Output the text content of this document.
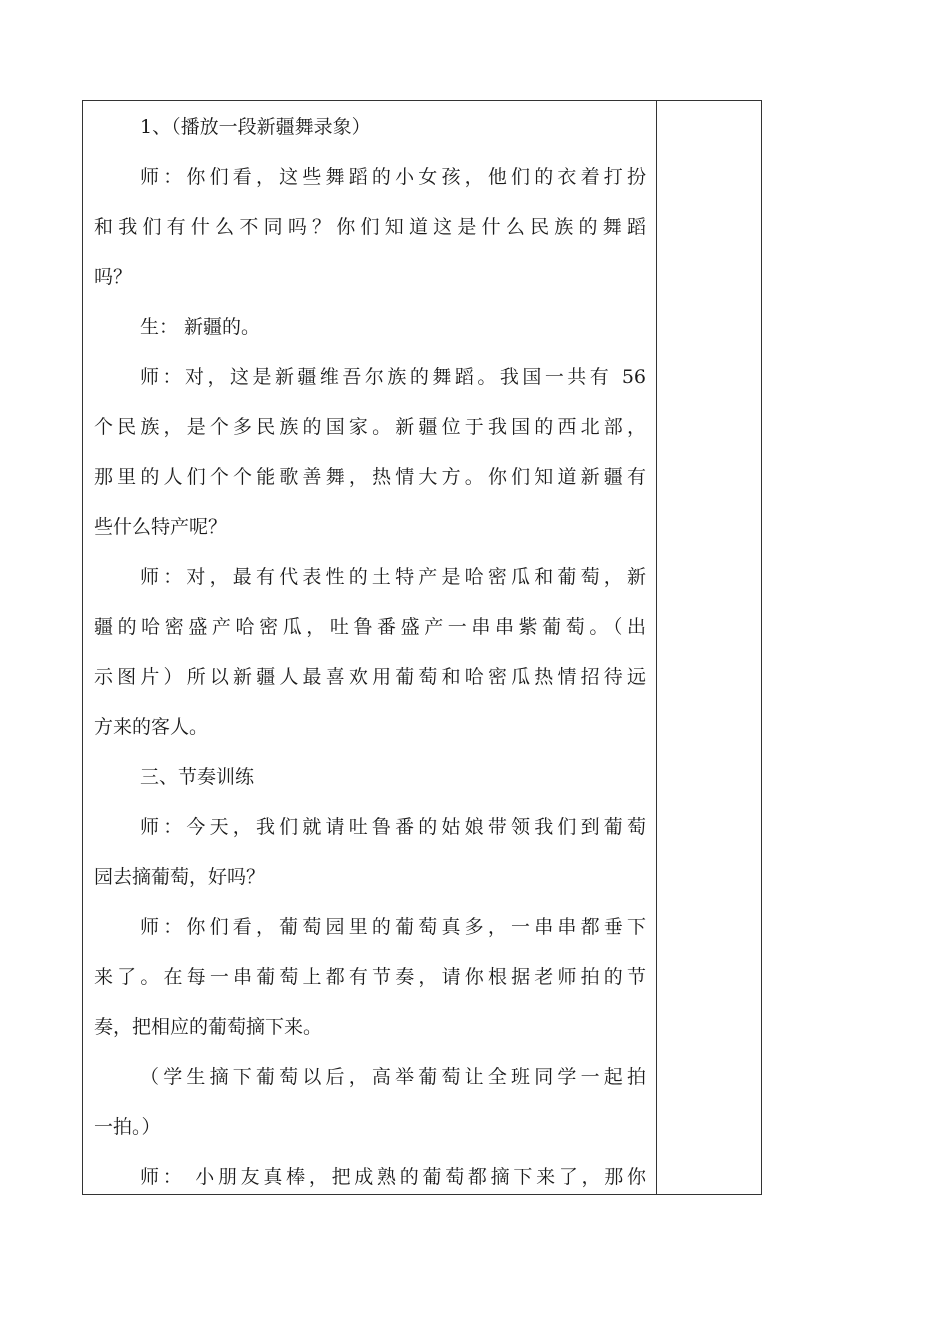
1、（播放一段新疆舞录象）
师：你们看，这些舞蹈的小女孩，他们的衣着打扮
和我们有什么不同吗？你们知道这是什么民族的舞蹈
吗？
生： 新疆的。
师：对，这是新疆维吾尔族的舞蹈。我国一共有 56
个民族，是个多民族的国家。新疆位于我国的西北部，
那里的人们个个能歌善舞，热情大方。你们知道新疆有
些什么特产呢？
师：对，最有代表性的土特产是哈密瓜和葡萄，新
疆的哈密盛产哈密瓜，吐鲁番盛产一串串紫葡萄。（出
示图片）所以新疆人最喜欢用葡萄和哈密瓜热情招待远
方来的客人。
三、节奏训练
师：今天，我们就请吐鲁番的姑娘带领我们到葡萄
园去摘葡萄，好吗？
师：你们看，葡萄园里的葡萄真多，一串串都垂下
来了。在每一串葡萄上都有节奏，请你根据老师拍的节
奏，把相应的葡萄摘下来。
（学生摘下葡萄以后，高举葡萄让全班同学一起拍
一拍。）
师： 小朋友真棒，把成熟的葡萄都摘下来了，那你
